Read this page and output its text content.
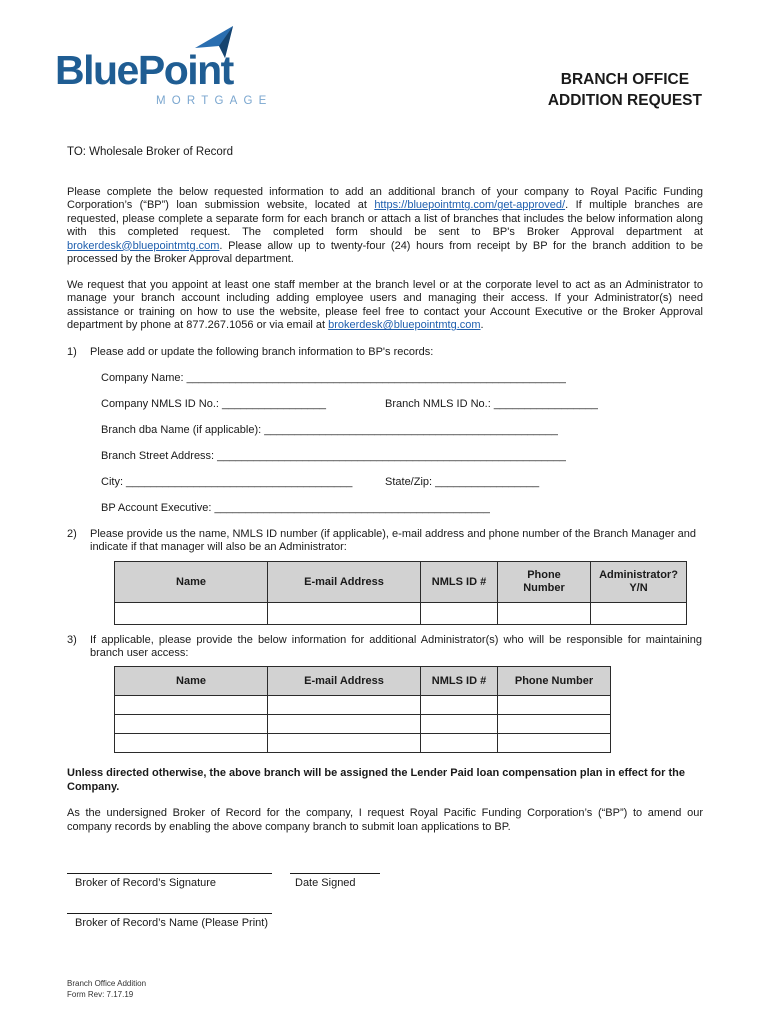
BluePoint
MORTGAGE
BRANCH OFFICE
ADDITION REQUEST
TO: Wholesale Broker of Record

Please complete the below requested information to add an additional branch of your company to Royal Pacific Funding Corporation’s (“BP”) loan submission website, located at https://bluepointmtg.com/get-approved/. If multiple branches are requested, please complete a separate form for each branch or attach a list of branches that includes the below information along with this completed request. The completed form should be sent to BP's Broker Approval department at brokerdesk@bluepointmtg.com. Please allow up to twenty-four (24) hours from receipt by BP for the branch addition to be processed by the Broker Approval department.

We request that you appoint at least one staff member at the branch level or at the corporate level to act as an Administrator to manage your branch account including adding employee users and managing their access. If your Administrator(s) need assistance or training on how to use the website, please feel free to contact your Account Executive or the Broker Approval department by phone at 877.267.1056 or via email at brokerdesk@bluepointmtg.com.

1) Please add or update the following branch information to BP's records:
Company Name: ______________________________________________________________
Company NMLS ID No.: _________________	Branch NMLS ID No.: _________________
Branch dba Name (if applicable): ________________________________________________
Branch Street Address: _________________________________________________________
City: _____________________________________	State/Zip: _________________
BP Account Executive: _____________________________________________
2) Please provide us the name, NMLS ID number (if applicable), e-mail address and phone number of the Branch Manager and indicate if that manager will also be an Administrator:

Name	E-mail Address	NMLS ID #	Phone Number	Administrator? Y/N

3) If applicable, please provide the below information for additional Administrator(s) who will be responsible for maintaining branch user access:

Name	E-mail Address	NMLS ID #	Phone Number

Unless directed otherwise, the above branch will be assigned the Lender Paid loan compensation plan in effect for the Company.

As the undersigned Broker of Record for the company, I request Royal Pacific Funding Corporation’s (“BP”) to amend our company records by enabling the above company branch to submit loan applications to BP.

Broker of Record’s Signature	Date Signed
Broker of Record’s Name (Please Print)
Branch Office Addition
Form Rev: 7.17.19
